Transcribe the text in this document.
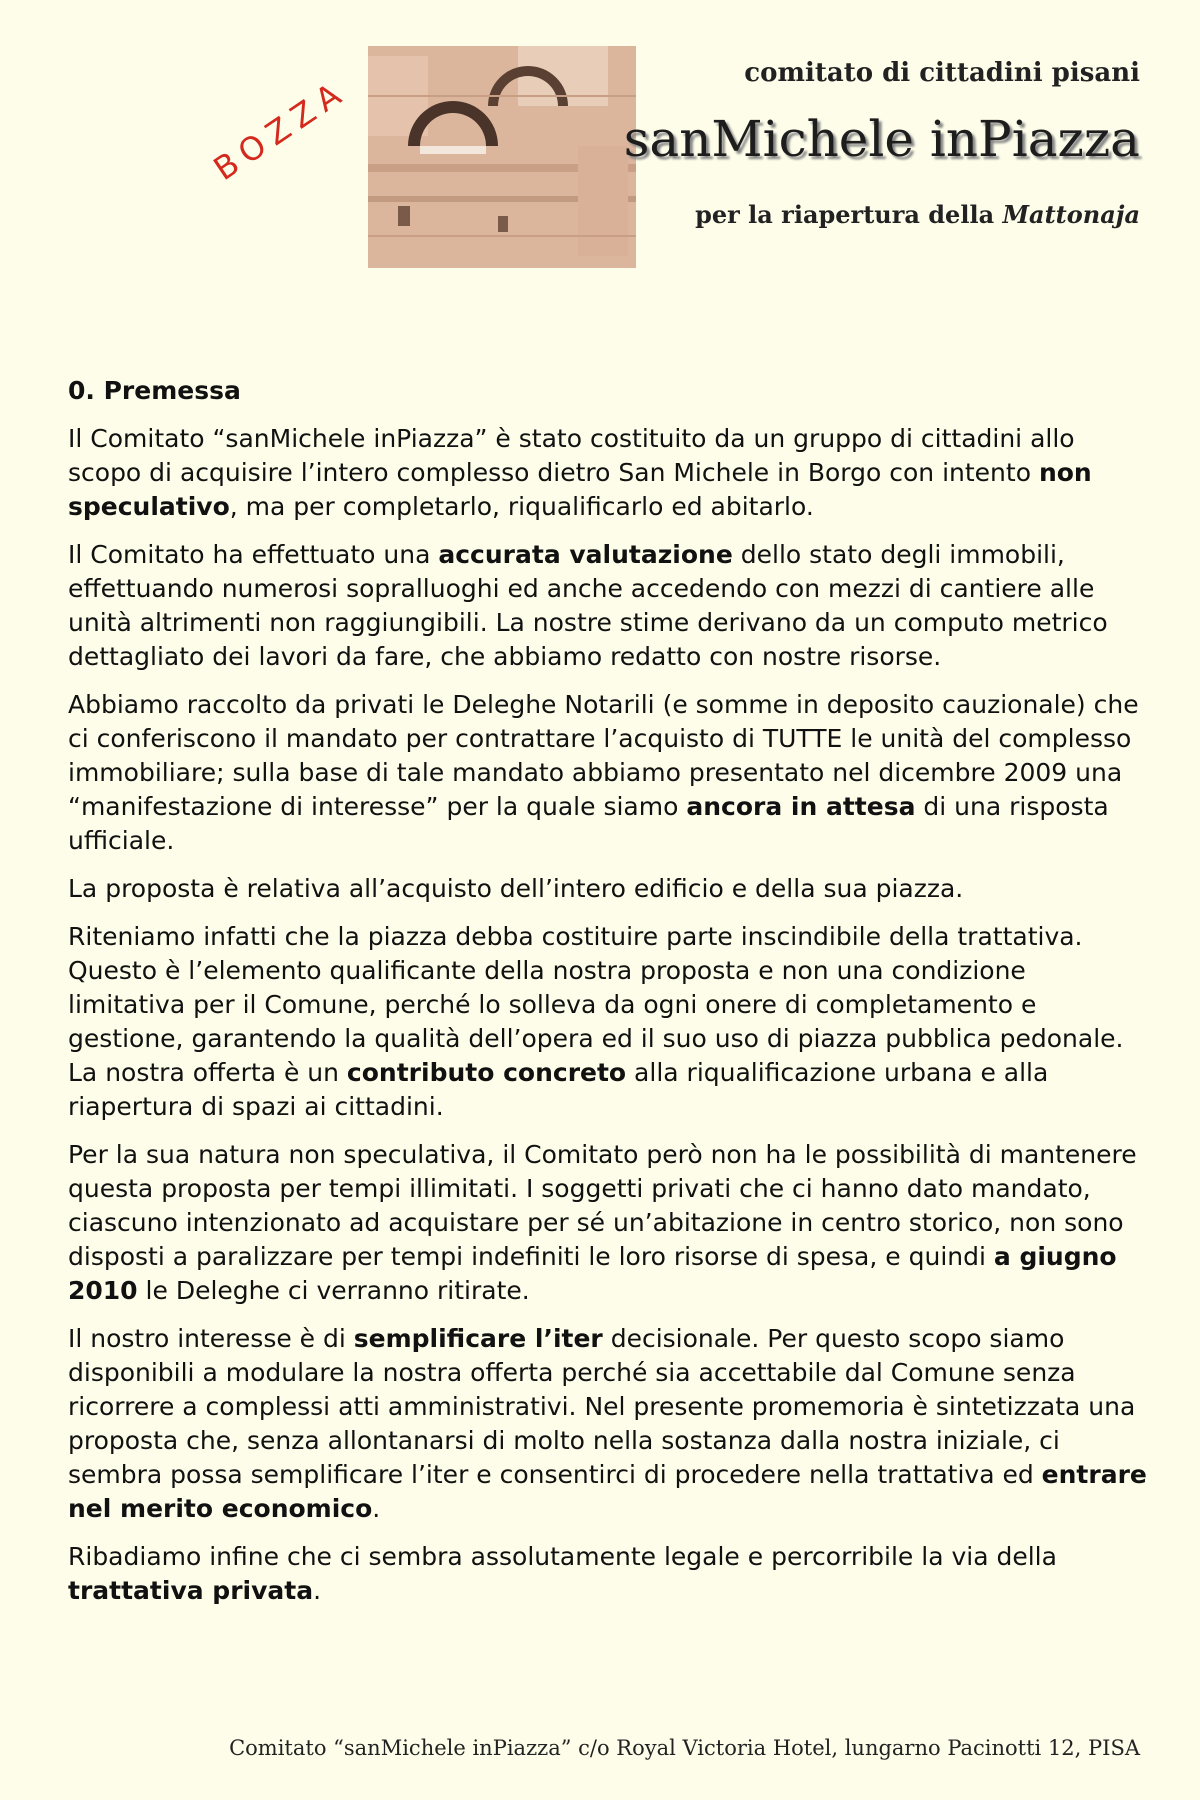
BOZZA	comitato di cittadini pisani
sanMichele inPiazza
per la riapertura della Mattonaja
0. Premessa

Il Comitato “sanMichele inPiazza” è stato costituito da un gruppo di cittadini allo scopo di acquisire l’intero complesso dietro San Michele in Borgo con intento non speculativo, ma per completarlo, riqualificarlo ed abitarlo.

Il Comitato ha effettuato una accurata valutazione dello stato degli immobili, effettuando numerosi sopralluoghi ed anche accedendo con mezzi di cantiere alle unità altrimenti non raggiungibili. La nostre stime derivano da un computo metrico dettagliato dei lavori da fare, che abbiamo redatto con nostre risorse.

Abbiamo raccolto da privati le Deleghe Notarili (e somme in deposito cauzionale) che ci conferiscono il mandato per contrattare l’acquisto di TUTTE le unità del complesso immobiliare; sulla base di tale mandato abbiamo presentato nel dicembre 2009 una “manifestazione di interesse” per la quale siamo ancora in attesa di una risposta ufficiale.

La proposta è relativa all’acquisto dell’intero edificio e della sua piazza.

Riteniamo infatti che la piazza debba costituire parte inscindibile della trattativa. Questo è l’elemento qualificante della nostra proposta e non una condizione limitativa per il Comune, perché lo solleva da ogni onere di completamento e gestione, garantendo la qualità dell’opera ed il suo uso di piazza pubblica pedonale. La nostra offerta è un contributo concreto alla riqualificazione urbana e alla riapertura di spazi ai cittadini.

Per la sua natura non speculativa, il Comitato però non ha le possibilità di mantenere questa proposta per tempi illimitati. I soggetti privati che ci hanno dato mandato, ciascuno intenzionato ad acquistare per sé un’abitazione in centro storico, non sono disposti a paralizzare per tempi indefiniti le loro risorse di spesa, e quindi a giugno 2010 le Deleghe ci verranno ritirate.

Il nostro interesse è di semplificare l’iter decisionale. Per questo scopo siamo disponibili a modulare la nostra offerta perché sia accettabile dal Comune senza ricorrere a complessi atti amministrativi. Nel presente promemoria è sintetizzata una proposta che, senza allontanarsi di molto nella sostanza dalla nostra iniziale, ci sembra possa semplificare l’iter e consentirci di procedere nella trattativa ed entrare nel merito economico.

Ribadiamo infine che ci sembra assolutamente legale e percorribile la via della trattativa privata.

Comitato “sanMichele inPiazza” c/o Royal Victoria Hotel, lungarno Pacinotti 12, PISA
